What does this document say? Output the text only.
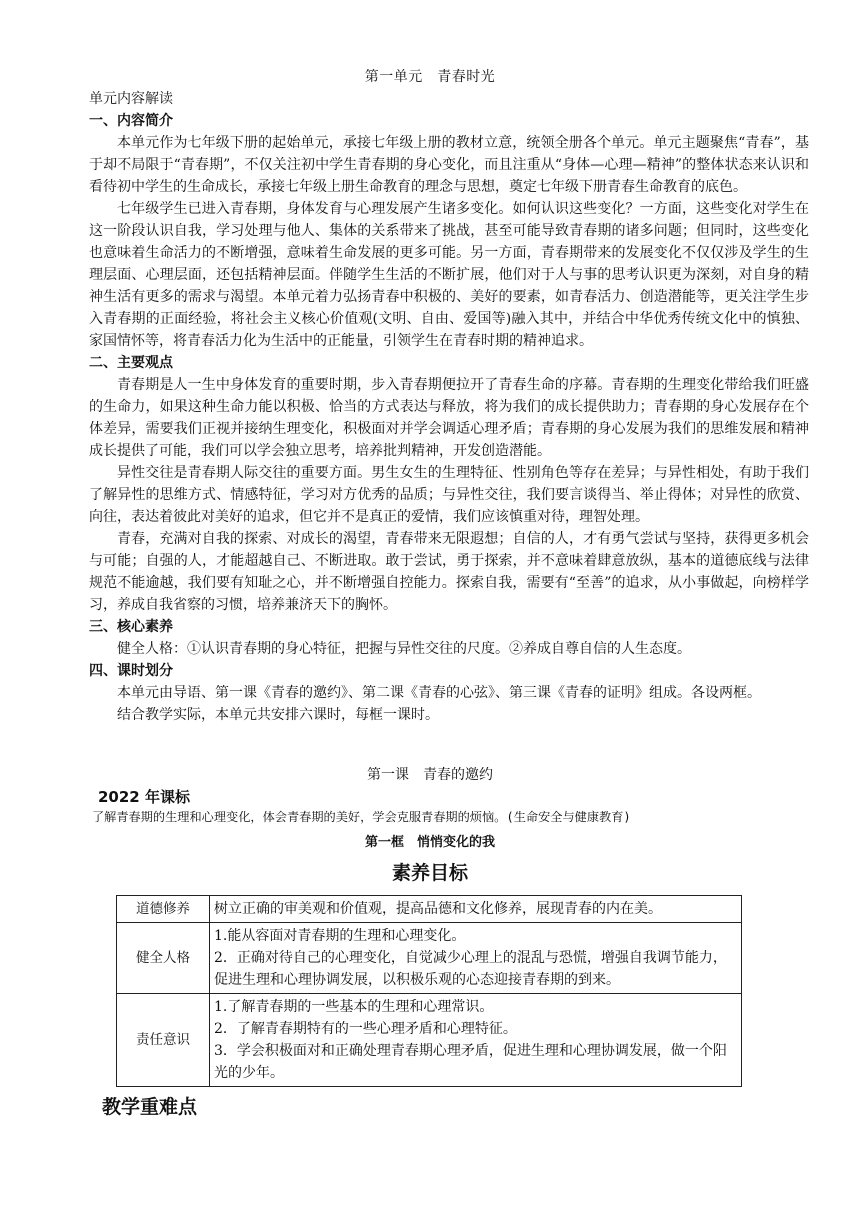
第一单元　青春时光

单元内容解读

一、内容简介

本单元作为七年级下册的起始单元，承接七年级上册的教材立意，统领全册各个单元。单元主题聚焦“青春”，基于却不局限于“青春期”，不仅关注初中学生青春期的身心变化，而且注重从“身体—心理—精神”的整体状态来认识和看待初中学生的生命成长，承接七年级上册生命教育的理念与思想，奠定七年级下册青春生命教育的底色。

七年级学生已进入青春期，身体发育与心理发展产生诸多变化。如何认识这些变化？一方面，这些变化对学生在这一阶段认识自我，学习处理与他人、集体的关系带来了挑战，甚至可能导致青春期的诸多问题；但同时，这些变化也意味着生命活力的不断增强，意味着生命发展的更多可能。另一方面，青春期带来的发展变化不仅仅涉及学生的生理层面、心理层面，还包括精神层面。伴随学生生活的不断扩展，他们对于人与事的思考认识更为深刻，对自身的精神生活有更多的需求与渴望。本单元着力弘扬青春中积极的、美好的要素，如青春活力、创造潜能等，更关注学生步入青春期的正面经验，将社会主义核心价值观(文明、自由、爱国等)融入其中，并结合中华优秀传统文化中的慎独、家国情怀等，将青春活力化为生活中的正能量，引领学生在青春时期的精神追求。

二、主要观点

青春期是人一生中身体发育的重要时期，步入青春期便拉开了青春生命的序幕。青春期的生理变化带给我们旺盛的生命力，如果这种生命力能以积极、恰当的方式表达与释放，将为我们的成长提供助力；青春期的身心发展存在个体差异，需要我们正视并接纳生理变化，积极面对并学会调适心理矛盾；青春期的身心发展为我们的思维发展和精神成长提供了可能，我们可以学会独立思考，培养批判精神，开发创造潜能。

异性交往是青春期人际交往的重要方面。男生女生的生理特征、性别角色等存在差异；与异性相处，有助于我们了解异性的思维方式、情感特征，学习对方优秀的品质；与异性交往，我们要言谈得当、举止得体；对异性的欣赏、向往，表达着彼此对美好的追求，但它并不是真正的爱情，我们应该慎重对待，理智处理。

青春，充满对自我的探索、对成长的渴望，青春带来无限遐想；自信的人，才有勇气尝试与坚持，获得更多机会与可能；自强的人，才能超越自己、不断进取。敢于尝试，勇于探索，并不意味着肆意放纵，基本的道德底线与法律规范不能逾越，我们要有知耻之心，并不断增强自控能力。探索自我，需要有“至善”的追求，从小事做起，向榜样学习，养成自我省察的习惯，培养兼济天下的胸怀。

三、核心素养

健全人格：①认识青春期的身心特征，把握与异性交往的尺度。②养成自尊自信的人生态度。

四、课时划分

本单元由导语、第一课《青春的邀约》、第二课《青春的心弦》、第三课《青春的证明》组成。各设两框。

结合教学实际，本单元共安排六课时，每框一课时。

第一课　青春的邀约
2022 年课标
了解青春期的生理和心理变化，体会青春期的美好，学会克服青春期的烦恼。(生命安全与健康教育)
第一框　悄悄变化的我
素养目标
道德修养	树立正确的审美观和价值观，提高品德和文化修养，展现青春的内在美。

健全人格	1.能从容面对青春期的生理和心理变化。
2．正确对待自己的心理变化，自觉减少心理上的混乱与恐慌，增强自我调节能力，促进生理和心理协调发展，以积极乐观的心态迎接青春期的到来。

责任意识	1.了解青春期的一些基本的生理和心理常识。
2．了解青春期特有的一些心理矛盾和心理特征。
3．学会积极面对和正确处理青春期心理矛盾，促进生理和心理协调发展，做一个阳光的少年。
教学重难点
